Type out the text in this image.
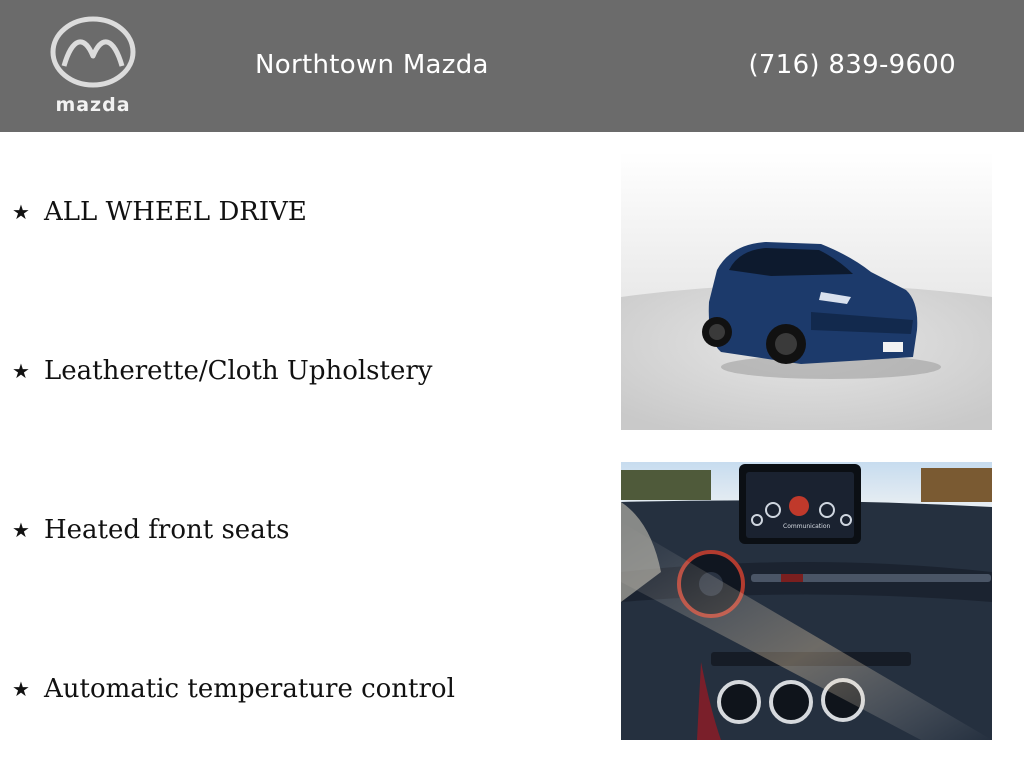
mazda
Northtown Mazda	(716) 839-9600
★ ALL WHEEL DRIVE
★ Leatherette/Cloth Upholstery
★ Heated front seats
★ Automatic temperature control
Communication
